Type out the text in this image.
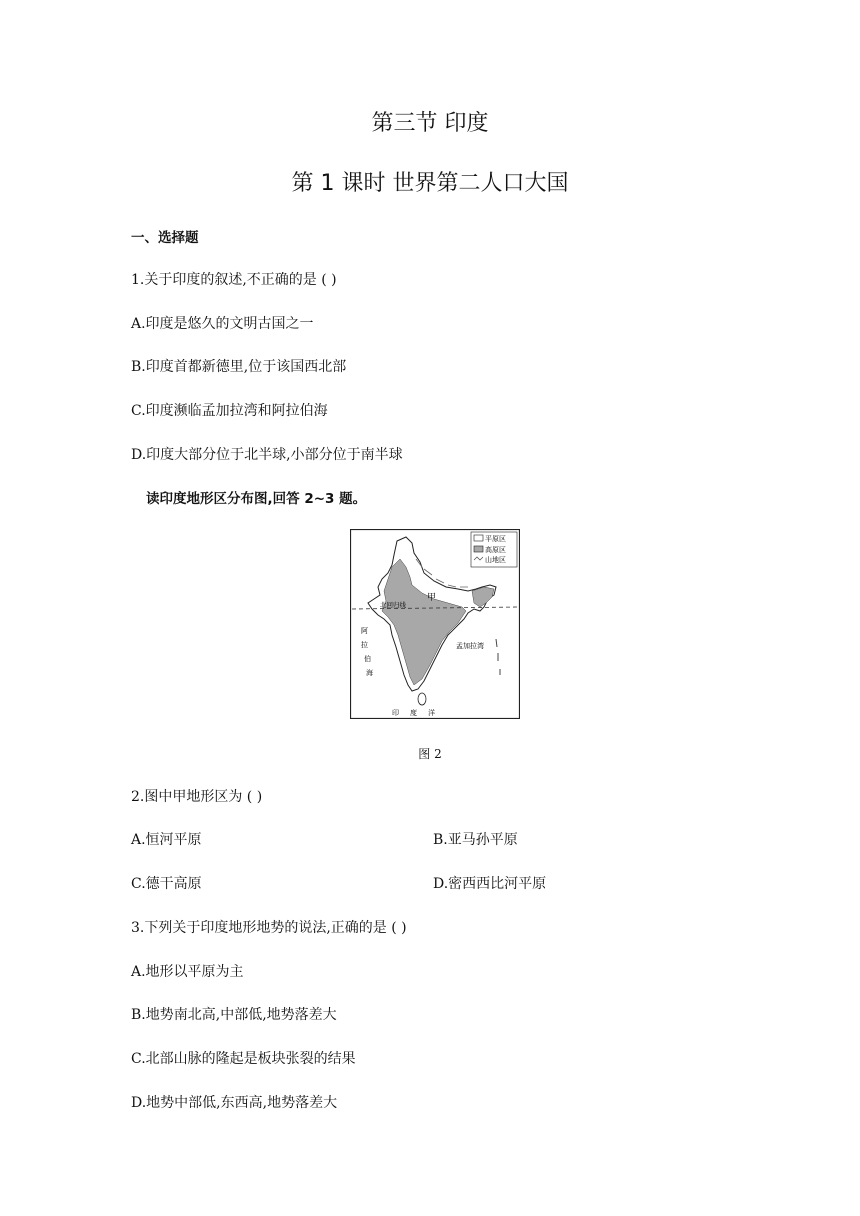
第三节 印度
第 1 课时 世界第二人口大国
一、选择题
1.关于印度的叙述,不正确的是 ( )
A.印度是悠久的文明古国之一
B.印度首都新德里,位于该国西北部
C.印度濒临孟加拉湾和阿拉伯海
D.印度大部分位于北半球,小部分位于南半球
读印度地形区分布图,回答 2~3 题。
平原区
高原区
山地区
甲
北回归线
阿
拉
伯
海
孟加拉湾
印 度 洋
图 2
2.图中甲地形区为 ( )
A.恒河平原	B.亚马孙平原
C.德干高原	D.密西西比河平原
3.下列关于印度地形地势的说法,正确的是 ( )
A.地形以平原为主
B.地势南北高,中部低,地势落差大
C.北部山脉的隆起是板块张裂的结果
D.地势中部低,东西高,地势落差大
